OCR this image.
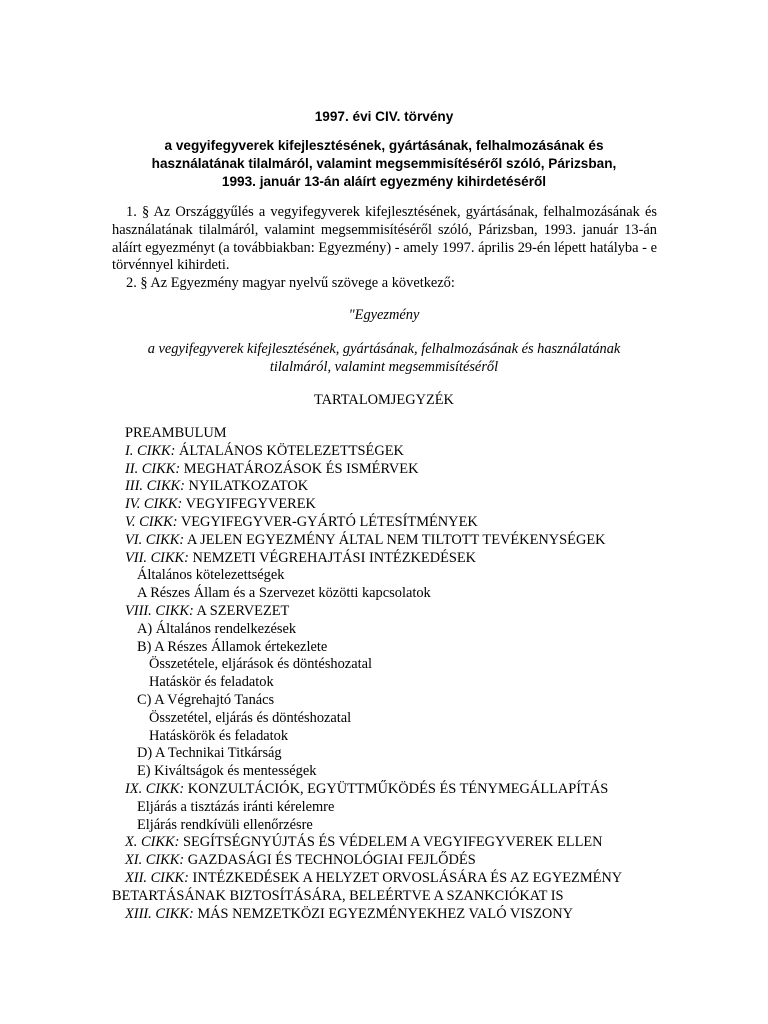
1997. évi CIV. törvény
a vegyifegyverek kifejlesztésének, gyártásának, felhalmozásának és
használatának tilalmáról, valamint megsemmisítéséről szóló, Párizsban,
1993. január 13-án aláírt egyezmény kihirdetéséről

1. § Az Országgyűlés a vegyifegyverek kifejlesztésének, gyártásának, felhalmozásának és használatának tilalmáról, valamint megsemmisítéséről szóló, Párizsban, 1993. január 13-án aláírt egyezményt (a továbbiakban: Egyezmény) - amely 1997. április 29-én lépett hatályba - e törvénnyel kihirdeti.

2. § Az Egyezmény magyar nyelvű szövege a következő:

"Egyezmény
a vegyifegyverek kifejlesztésének, gyártásának, felhalmozásának és használatának
tilalmáról, valamint megsemmisítéséről
TARTALOMJEGYZÉK
PREAMBULUM
I. CIKK: ÁLTALÁNOS KÖTELEZETTSÉGEK
II. CIKK: MEGHATÁROZÁSOK ÉS ISMÉRVEK
III. CIKK: NYILATKOZATOK
IV. CIKK: VEGYIFEGYVEREK
V. CIKK: VEGYIFEGYVER-GYÁRTÓ LÉTESÍTMÉNYEK
VI. CIKK: A JELEN EGYEZMÉNY ÁLTAL NEM TILTOTT TEVÉKENYSÉGEK
VII. CIKK: NEMZETI VÉGREHAJTÁSI INTÉZKEDÉSEK
Általános kötelezettségek
A Részes Állam és a Szervezet közötti kapcsolatok
VIII. CIKK: A SZERVEZET
A) Általános rendelkezések
B) A Részes Államok értekezlete
Összetétele, eljárások és döntéshozatal
Hatáskör és feladatok
C) A Végrehajtó Tanács
Összetétel, eljárás és döntéshozatal
Hatáskörök és feladatok
D) A Technikai Titkárság
E) Kiváltságok és mentességek
IX. CIKK: KONZULTÁCIÓK, EGYÜTTMŰKÖDÉS ÉS TÉNYMEGÁLLAPÍTÁS
Eljárás a tisztázás iránti kérelemre
Eljárás rendkívüli ellenőrzésre
X. CIKK: SEGÍTSÉGNYÚJTÁS ÉS VÉDELEM A VEGYIFEGYVEREK ELLEN
XI. CIKK: GAZDASÁGI ÉS TECHNOLÓGIAI FEJLŐDÉS
XII. CIKK: INTÉZKEDÉSEK A HELYZET ORVOSLÁSÁRA ÉS AZ EGYEZMÉNY
BETARTÁSÁNAK BIZTOSÍTÁSÁRA, BELEÉRTVE A SZANKCIÓKAT IS
XIII. CIKK: MÁS NEMZETKÖZI EGYEZMÉNYEKHEZ VALÓ VISZONY
